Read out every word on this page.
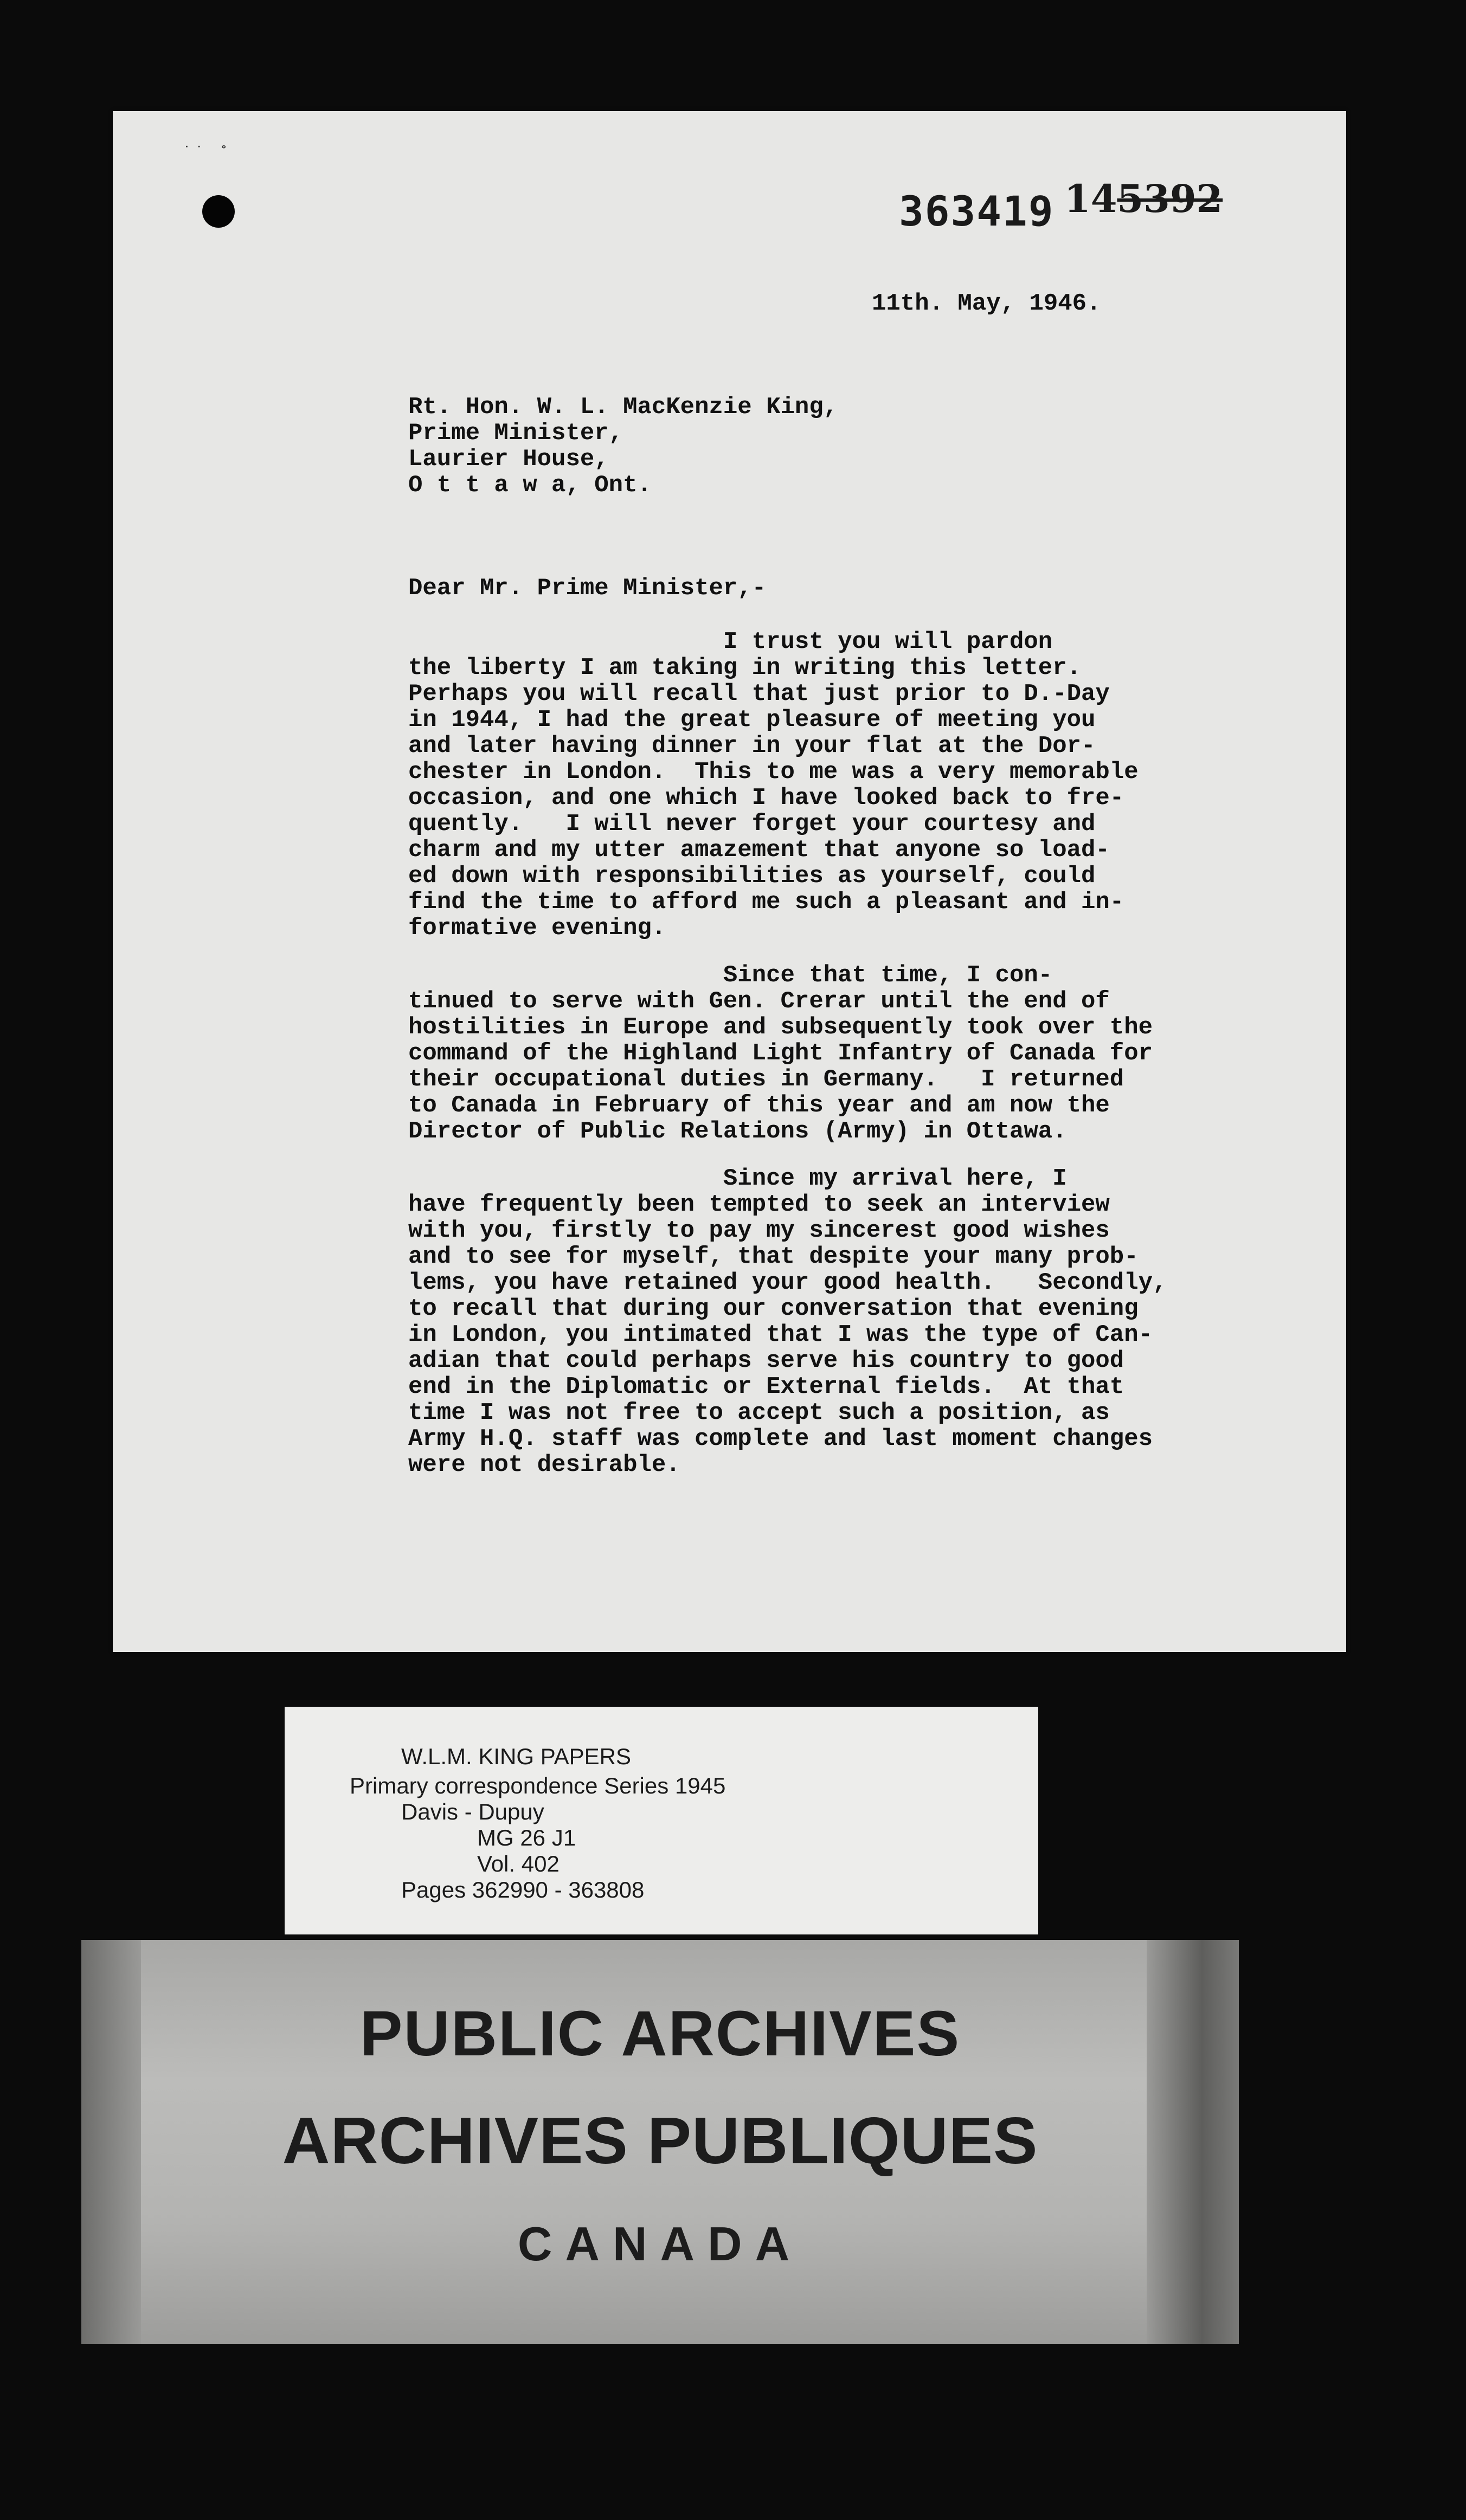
˙˙ ˚
363419 145392
11th. May, 1946.
Rt. Hon. W. L. MacKenzie King,
Prime Minister,
Laurier House,
O t t a w a, Ont.
Dear Mr. Prime Minister,-
I trust you will pardon
the liberty I am taking in writing this letter.
Perhaps you will recall that just prior to D.-Day
in 1944, I had the great pleasure of meeting you
and later having dinner in your flat at the Dor-
chester in London.  This to me was a very memorable
occasion, and one which I have looked back to fre-
quently.   I will never forget your courtesy and
charm and my utter amazement that anyone so load-
ed down with responsibilities as yourself, could
find the time to afford me such a pleasant and in-
formative evening.
Since that time, I con-
tinued to serve with Gen. Crerar until the end of
hostilities in Europe and subsequently took over the
command of the Highland Light Infantry of Canada for
their occupational duties in Germany.   I returned
to Canada in February of this year and am now the
Director of Public Relations (Army) in Ottawa.
Since my arrival here, I
have frequently been tempted to seek an interview
with you, firstly to pay my sincerest good wishes
and to see for myself, that despite your many prob-
lems, you have retained your good health.   Secondly,
to recall that during our conversation that evening
in London, you intimated that I was the type of Can-
adian that could perhaps serve his country to good
end in the Diplomatic or External fields.  At that
time I was not free to accept such a position, as
Army H.Q. staff was complete and last moment changes
were not desirable.
W.L.M. KING PAPERS
Primary correspondence Series 1945
Davis - Dupuy
MG 26 J1
Vol. 402
Pages 362990 - 363808
PUBLIC ARCHIVES
ARCHIVES PUBLIQUES
CANADA
